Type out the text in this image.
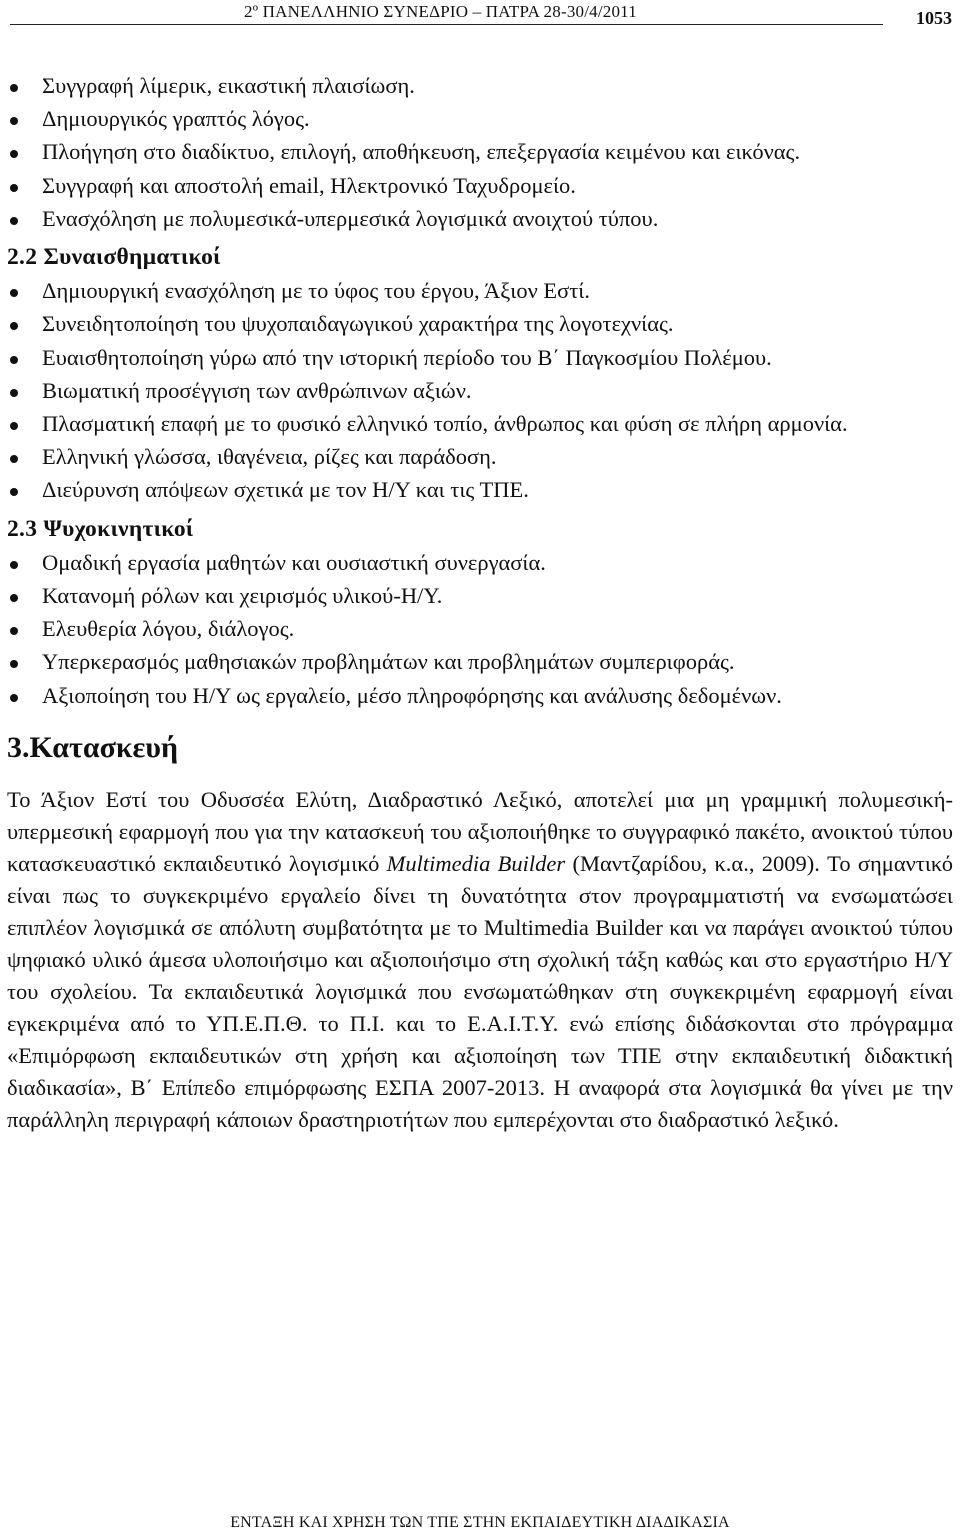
2º ΠΑΝΕΛΛΗΝΙΟ ΣΥΝΕΔΡΙΟ – ΠΑΤΡΑ 28-30/4/2011	1053
Συγγραφή λίμερικ, εικαστική πλαισίωση.
Δημιουργικός γραπτός λόγος.
Πλοήγηση στο διαδίκτυο, επιλογή, αποθήκευση, επεξεργασία κειμένου και εικόνας.
Συγγραφή και αποστολή email, Ηλεκτρονικό Ταχυδρομείο.
Ενασχόληση με πολυμεσικά-υπερμεσικά λογισμικά ανοιχτού τύπου.
2.2 Συναισθηματικοί
Δημιουργική ενασχόληση με το ύφος του έργου, Άξιον Εστί.
Συνειδητοποίηση του ψυχοπαιδαγωγικού χαρακτήρα της λογοτεχνίας.
Ευαισθητοποίηση γύρω από την ιστορική περίοδο του Β΄ Παγκοσμίου Πολέμου.
Βιωματική προσέγγιση των ανθρώπινων αξιών.
Πλασματική επαφή με το φυσικό ελληνικό τοπίο, άνθρωπος και φύση σε πλήρη αρμονία.
Ελληνική γλώσσα, ιθαγένεια, ρίζες και παράδοση.
Διεύρυνση απόψεων σχετικά με τον Η/Υ και τις ΤΠΕ.
2.3 Ψυχοκινητικοί
Ομαδική εργασία μαθητών και ουσιαστική συνεργασία.
Κατανομή ρόλων και χειρισμός υλικού-Η/Υ.
Ελευθερία λόγου, διάλογος.
Υπερκερασμός μαθησιακών προβλημάτων και προβλημάτων συμπεριφοράς.
Αξιοποίηση του Η/Υ ως εργαλείο, μέσο πληροφόρησης και ανάλυσης δεδομένων.
3.Κατασκευή

Το Άξιον Εστί του Οδυσσέα Ελύτη, Διαδραστικό Λεξικό, αποτελεί μια μη γραμμική πολυμεσική-υπερμεσική εφαρμογή που για την κατασκευή του αξιοποιήθηκε το συγγραφικό πακέτο, ανοικτού τύπου κατασκευαστικό εκπαιδευτικό λογισμικό Multimedia Builder (Μαντζαρίδου, κ.α., 2009). Το σημαντικό είναι πως το συγκεκριμένο εργαλείο δίνει τη δυνατότητα στον προγραμματιστή να ενσωματώσει επιπλέον λογισμικά σε απόλυτη συμβατότητα με το Multimedia Builder και να παράγει ανοικτού τύπου ψηφιακό υλικό άμεσα υλοποιήσιμο και αξιοποιήσιμο στη σχολική τάξη καθώς και στο εργαστήριο Η/Υ του σχολείου. Τα εκπαιδευτικά λογισμικά που ενσωματώθηκαν στη συγκεκριμένη εφαρμογή είναι εγκεκριμένα από το ΥΠ.Ε.Π.Θ. το Π.Ι. και το Ε.Α.Ι.Τ.Υ. ενώ επίσης διδάσκονται στο πρόγραμμα «Επιμόρφωση εκπαιδευτικών στη χρήση και αξιοποίηση των ΤΠΕ στην εκπαιδευτική διδακτική διαδικασία», Β΄ Επίπεδο επιμόρφωσης ΕΣΠΑ 2007-2013. Η αναφορά στα λογισμικά θα γίνει με την παράλληλη περιγραφή κάποιων δραστηριοτήτων που εμπερέχονται στο διαδραστικό λεξικό.

ΕΝΤΑΞΗ ΚΑΙ ΧΡΗΣΗ ΤΩΝ ΤΠΕ ΣΤΗΝ ΕΚΠΑΙΔΕΥΤΙΚΗ ΔΙΑΔΙΚΑΣΙΑ
